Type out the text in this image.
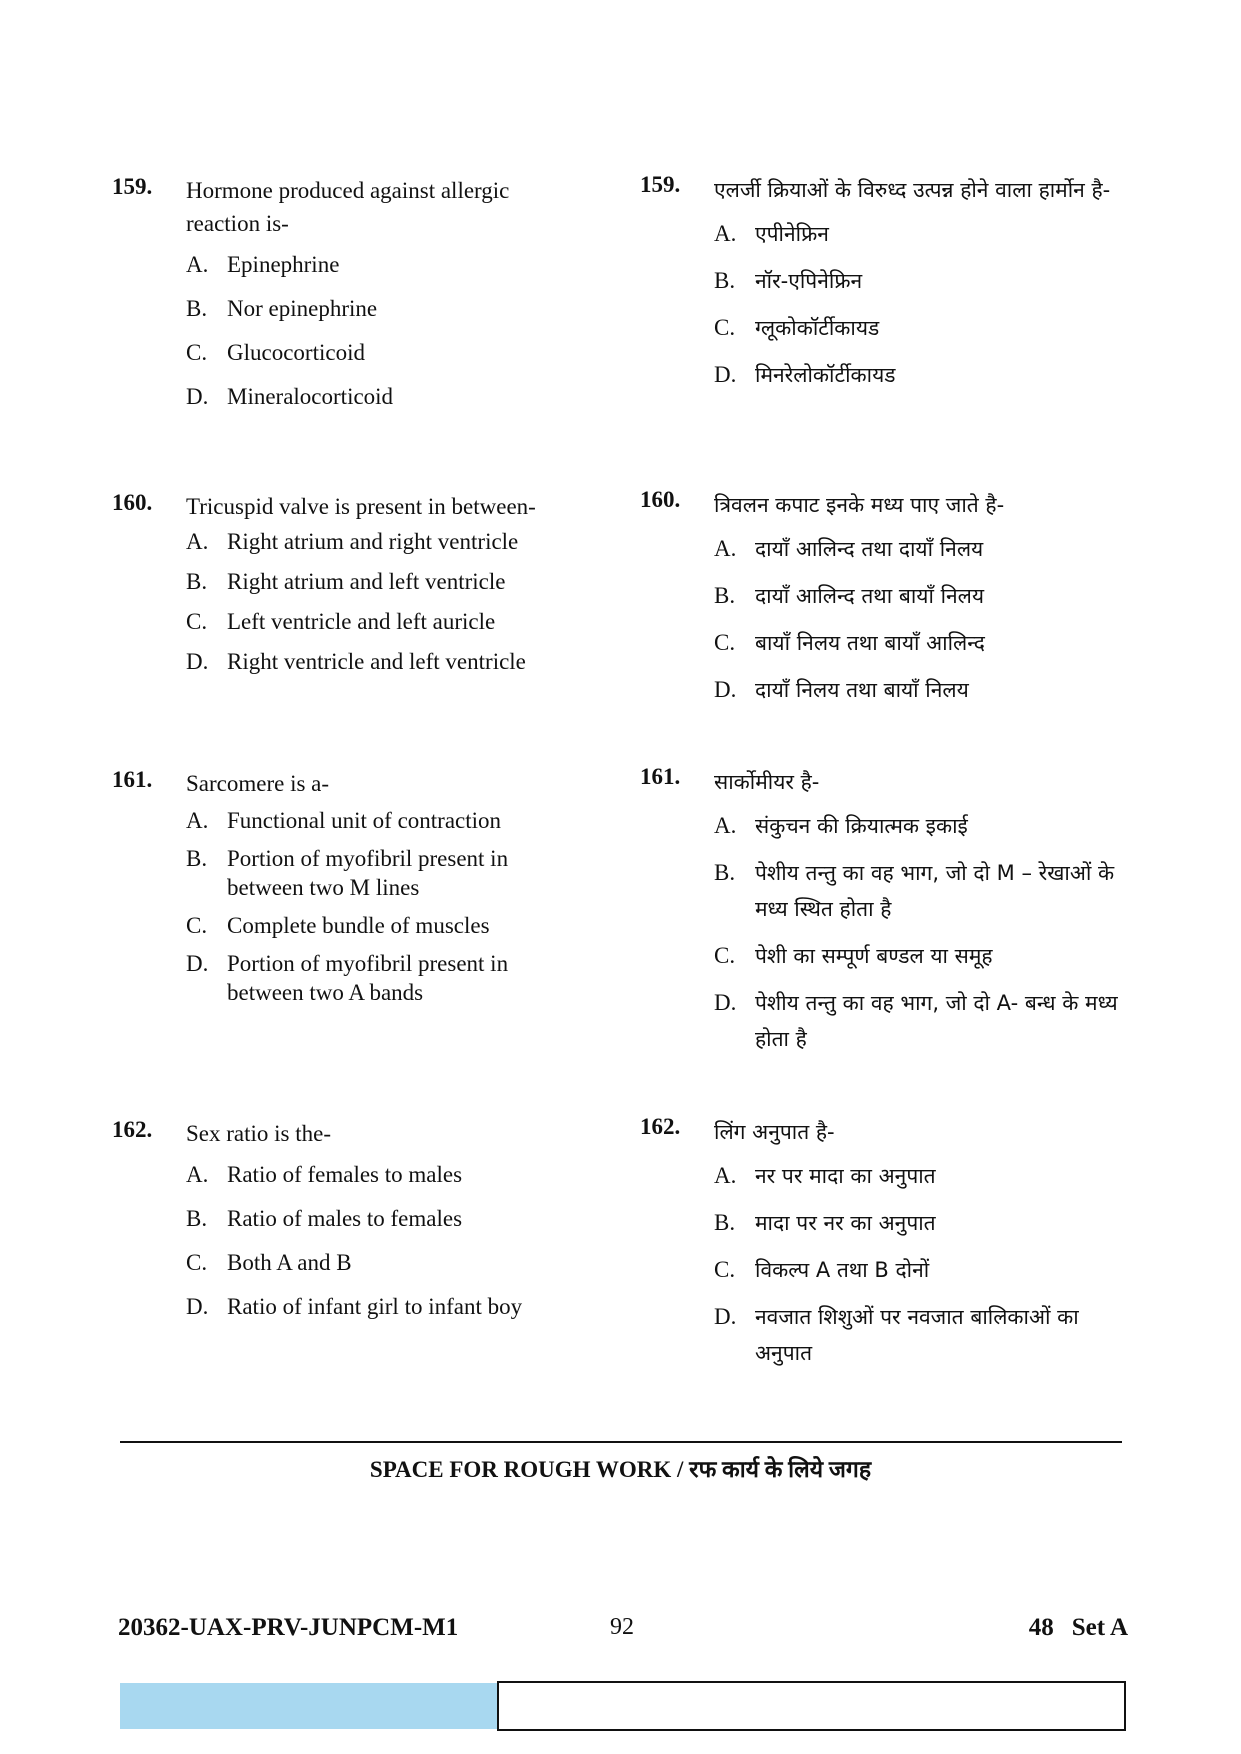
159. Hormone produced against allergic reaction is-
A. Epinephrine
B. Nor epinephrine
C. Glucocorticoid
D. Mineralocorticoid
160. Tricuspid valve is present in between-
A. Right atrium and right ventricle
B. Right atrium and left ventricle
C. Left ventricle and left auricle
D. Right ventricle and left ventricle
161. Sarcomere is a-
A. Functional unit of contraction
B. Portion of myofibril present in between two M lines
C. Complete bundle of muscles
D. Portion of myofibril present in between two A bands
162. Sex ratio is the-
A. Ratio of females to males
B. Ratio of males to females
C. Both A and B
D. Ratio of infant girl to infant boy
159. एलर्जी क्रियाओं के विरुध्द उत्पन्न होने वाला हार्मोन है-
A. एपीनेफ्रिन
B. नॉर-एपिनेफ्रिन
C. ग्लूकोकॉर्टीकायड
D. मिनरेलोकॉर्टीकायड
160. त्रिवलन कपाट इनके मध्य पाए जाते है-
A. दायाँ आलिन्द तथा दायाँ निलय
B. दायाँ आलिन्द तथा बायाँ निलय
C. बायाँ निलय तथा बायाँ आलिन्द
D. दायाँ निलय तथा बायाँ निलय
161. सार्कोमीयर है-
A. संकुचन की क्रियात्मक इकाई
B. पेशीय तन्तु का वह भाग, जो दो M – रेखाओं के मध्य स्थित होता है
C. पेशी का सम्पूर्ण बण्डल या समूह
D. पेशीय तन्तु का वह भाग, जो दो A- बन्ध के मध्य होता है
162. लिंग अनुपात है-
A. नर पर मादा का अनुपात
B. मादा पर नर का अनुपात
C. विकल्प A तथा B दोनों
D. नवजात शिशुओं पर नवजात बालिकाओं का अनुपात
SPACE FOR ROUGH WORK / रफ कार्य के लिये जगह
20362-UAX-PRV-JUNPCM-M1	92	48 Set A
